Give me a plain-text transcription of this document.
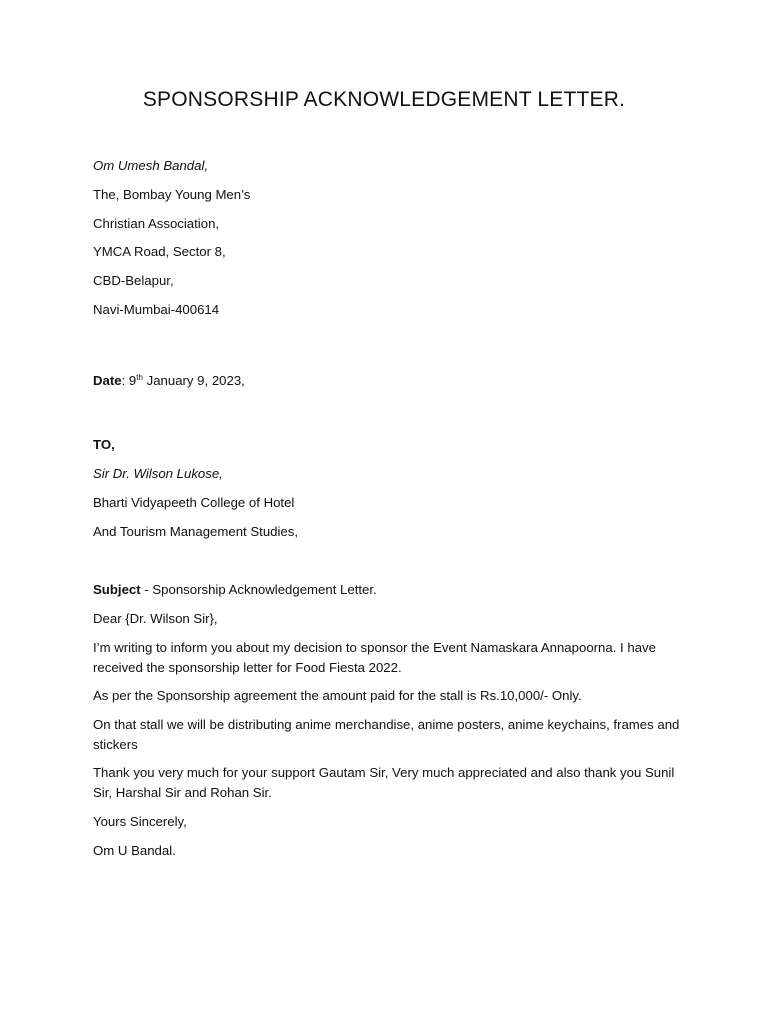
SPONSORSHIP ACKNOWLEDGEMENT LETTER.
Om Umesh Bandal,
The, Bombay Young Men’s
Christian Association,
YMCA Road, Sector 8,
CBD-Belapur,
Navi-Mumbai-400614
Date: 9th January 9, 2023,
TO,
Sir Dr. Wilson Lukose,
Bharti Vidyapeeth College of Hotel
And Tourism Management Studies,
Subject - Sponsorship Acknowledgement Letter.
Dear {Dr. Wilson Sir},
I’m writing to inform you about my decision to sponsor the Event Namaskara Annapoorna. I have received the sponsorship letter for Food Fiesta 2022.
As per the Sponsorship agreement the amount paid for the stall is Rs.10,000/- Only.
On that stall we will be distributing anime merchandise, anime posters, anime keychains, frames and stickers
Thank you very much for your support Gautam Sir, Very much appreciated and also thank you Sunil Sir, Harshal Sir and Rohan Sir.
Yours Sincerely,
Om U Bandal.
